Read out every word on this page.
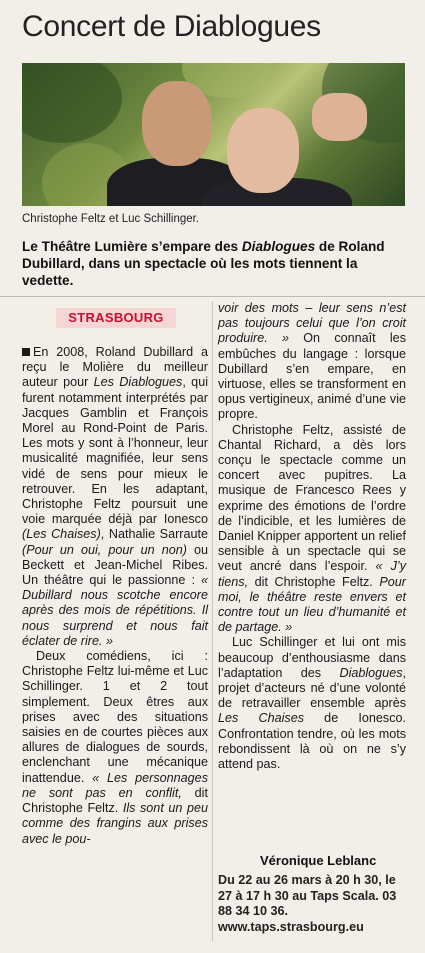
Concert de Diablogues
Christophe Feltz et Luc Schillinger.
Le Théâtre Lumière s’empare des Diablogues de Roland Dubillard, dans un spectacle où les mots tiennent la vedette.
STRASBOURG

En 2008, Roland Dubillard a reçu le Molière du meilleur auteur pour Les Diablogues, qui furent notamment interprétés par Jacques Gamblin et François Morel au Rond-Point de Paris. Les mots y sont à l’honneur, leur musicalité magnifiée, leur sens vidé de sens pour mieux le retrouver. En les adaptant, Christophe Feltz poursuit une voie marquée déjà par Ionesco (Les Chaises), Nathalie Sarraute (Pour un oui, pour un non) ou Beckett et Jean-Michel Ribes. Un théâtre qui le passionne : « Dubillard nous scotche encore après des mois de répétitions. Il nous surprend et nous fait éclater de rire. »

Deux comédiens, ici : Christophe Feltz lui-même et Luc Schillinger. 1 et 2 tout simplement. Deux êtres aux prises avec des situations saisies en de courtes pièces aux allures de dialogues de sourds, enclenchant une mécanique inattendue. « Les personnages ne sont pas en conflit, dit Christophe Feltz. Ils sont un peu comme des frangins aux prises avec le pou-

voir des mots – leur sens n’est pas toujours celui que l’on croit produire. » On connaît les embûches du langage : lorsque Dubillard s’en empare, en virtuose, elles se transforment en opus vertigineux, animé d’une vie propre.

Christophe Feltz, assisté de Chantal Richard, a dès lors conçu le spectacle comme un concert avec pupitres. La musique de Francesco Rees y exprime des émotions de l’ordre de l’indicible, et les lumières de Daniel Knipper apportent un relief sensible à un spectacle qui se veut ancré dans l’espoir. « J’y tiens, dit Christophe Feltz. Pour moi, le théâtre reste envers et contre tout un lieu d’humanité et de partage. »

Luc Schillinger et lui ont mis beaucoup d’enthousiasme dans l’adaptation des Diablogues, projet d’acteurs né d’une volonté de retravailler ensemble après Les Chaises de Ionesco. Confrontation tendre, où les mots rebondissent là où on ne s’y attend pas.

Véronique Leblanc
Du 22 au 26 mars à 20 h 30, le 27 à 17 h 30 au Taps Scala. 03 88 34 10 36.
www.taps.strasbourg.eu
